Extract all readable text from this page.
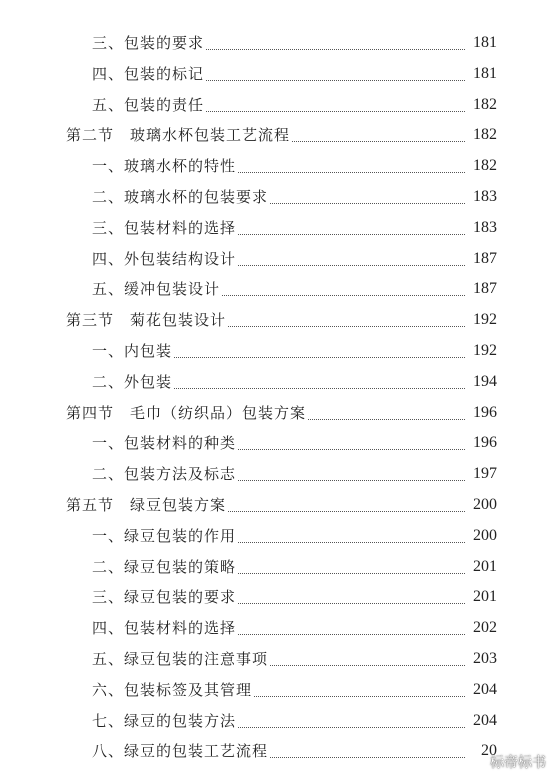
三、包装的要求	181
四、包装的标记	181
五、包装的责任	182
第二节　玻璃水杯包装工艺流程	182
一、玻璃水杯的特性	182
二、玻璃水杯的包装要求	183
三、包装材料的选择	183
四、外包装结构设计	187
五、缓冲包装设计	187
第三节　菊花包装设计	192
一、内包装	192
二、外包装	194
第四节　毛巾（纺织品）包装方案	196
一、包装材料的种类	196
二、包装方法及标志	197
第五节　绿豆包装方案	200
一、绿豆包装的作用	200
二、绿豆包装的策略	201
三、绿豆包装的要求	201
四、包装材料的选择	202
五、绿豆包装的注意事项	203
六、包装标签及其管理	204
七、绿豆的包装方法	204
八、绿豆的包装工艺流程	20
标帝标书
